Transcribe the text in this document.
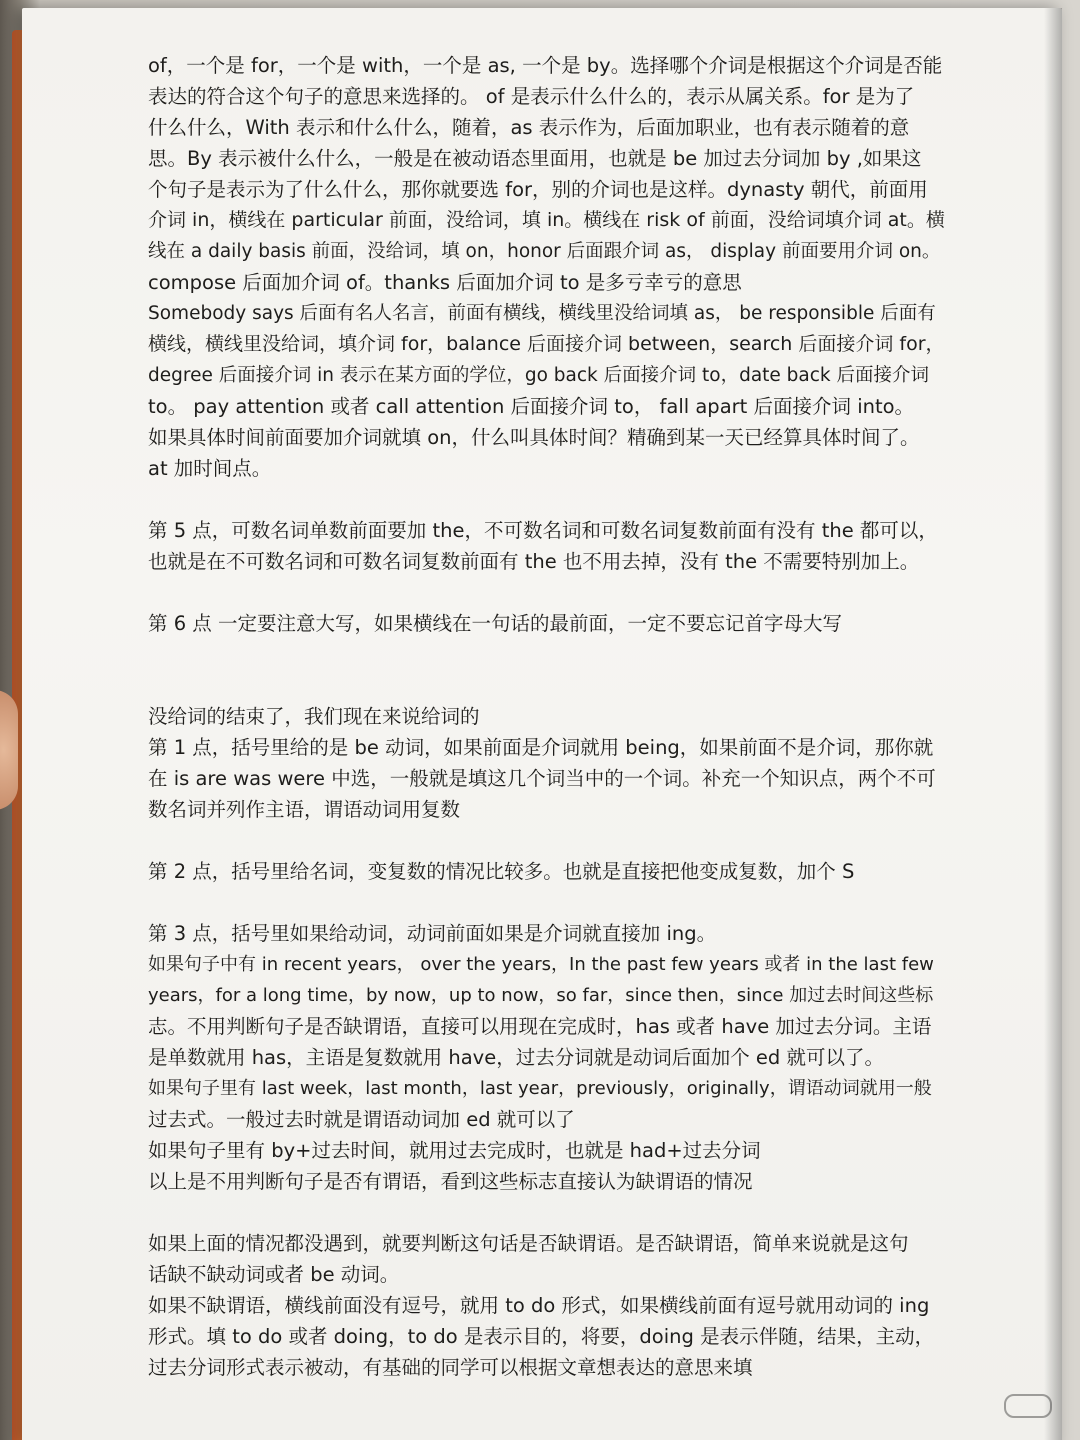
of，一个是 for，一个是 with，一个是 as, 一个是 by。选择哪个介词是根据这个介词是否能

表达的符合这个句子的意思来选择的。 of 是表示什么什么的，表示从属关系。for 是为了

什么什么，With 表示和什么什么，随着，as 表示作为，后面加职业，也有表示随着的意

思。By 表示被什么什么，一般是在被动语态里面用，也就是 be 加过去分词加 by ,如果这

个句子是表示为了什么什么，那你就要选 for，别的介词也是这样。dynasty 朝代，前面用

介词 in，横线在 particular 前面，没给词，填 in。横线在 risk of 前面，没给词填介词 at。横

线在 a daily basis 前面，没给词，填 on，honor 后面跟介词 as， display 前面要用介词 on。

compose 后面加介词 of。thanks 后面加介词 to 是多亏幸亏的意思

Somebody says 后面有名人名言，前面有横线，横线里没给词填 as， be responsible 后面有

横线，横线里没给词，填介词 for，balance 后面接介词 between，search 后面接介词 for，

degree 后面接介词 in 表示在某方面的学位，go back 后面接介词 to，date back 后面接介词

to。 pay attention 或者 call attention 后面接介词 to， fall apart 后面接介词 into。

如果具体时间前面要加介词就填 on，什么叫具体时间？精确到某一天已经算具体时间了。

at 加时间点。

第 5 点，可数名词单数前面要加 the，不可数名词和可数名词复数前面有没有 the 都可以，

也就是在不可数名词和可数名词复数前面有 the 也不用去掉，没有 the 不需要特别加上。

第 6 点 一定要注意大写，如果横线在一句话的最前面，一定不要忘记首字母大写

没给词的结束了，我们现在来说给词的

第 1 点，括号里给的是 be 动词，如果前面是介词就用 being，如果前面不是介词，那你就

在 is are was were 中选，一般就是填这几个词当中的一个词。补充一个知识点，两个不可

数名词并列作主语，谓语动词用复数

第 2 点，括号里给名词，变复数的情况比较多。也就是直接把他变成复数，加个 S

第 3 点，括号里如果给动词，动词前面如果是介词就直接加 ing。

如果句子中有 in recent years， over the years，In the past few years 或者 in the last few

years，for a long time，by now，up to now，so far，since then，since 加过去时间这些标

志。不用判断句子是否缺谓语，直接可以用现在完成时，has 或者 have 加过去分词。主语

是单数就用 has，主语是复数就用 have，过去分词就是动词后面加个 ed 就可以了。

如果句子里有 last week，last month，last year，previously，originally，谓语动词就用一般

过去式。一般过去时就是谓语动词加 ed 就可以了

如果句子里有 by+过去时间，就用过去完成时，也就是 had+过去分词

以上是不用判断句子是否有谓语，看到这些标志直接认为缺谓语的情况

如果上面的情况都没遇到，就要判断这句话是否缺谓语。是否缺谓语，简单来说就是这句

话缺不缺动词或者 be 动词。

如果不缺谓语，横线前面没有逗号，就用 to do 形式，如果横线前面有逗号就用动词的 ing

形式。填 to do 或者 doing，to do 是表示目的，将要，doing 是表示伴随，结果，主动，

过去分词形式表示被动，有基础的同学可以根据文章想表达的意思来填
